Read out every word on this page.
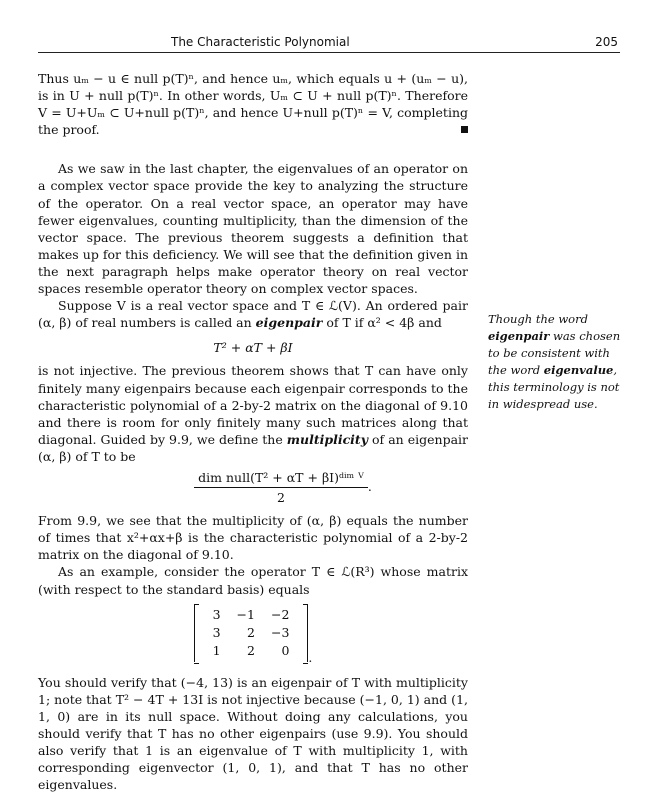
The Characteristic Polynomial	205

Thus uₘ − u ∈ null p(T)ⁿ, and hence uₘ, which equals u + (uₘ − u), is in U + null p(T)ⁿ. In other words, Uₘ ⊂ U + null p(T)ⁿ. Therefore V = U+Uₘ ⊂ U+null p(T)ⁿ, and hence U+null p(T)ⁿ = V, completing the proof.

As we saw in the last chapter, the eigenvalues of an operator on a complex vector space provide the key to analyzing the structure of the operator. On a real vector space, an operator may have fewer eigenvalues, counting multiplicity, than the dimension of the vector space. The previous theorem suggests a definition that makes up for this deficiency. We will see that the definition given in the next paragraph helps make operator theory on real vector spaces resemble operator theory on complex vector spaces.

Suppose V is a real vector space and T ∈ ℒ(V). An ordered pair (α, β) of real numbers is called an eigenpair of T if α² < 4β and

T² + αT + βI

is not injective. The previous theorem shows that T can have only finitely many eigenpairs because each eigenpair corresponds to the characteristic polynomial of a 2-by-2 matrix on the diagonal of 9.10 and there is room for only finitely many such matrices along that diagonal. Guided by 9.9, we define the multiplicity of an eigenpair (α, β) of T to be

$\frac{\text{dim null(T² + αT + βI)ᵈⁱᵐ ⱽ}}{2}$ .

From 9.9, we see that the multiplicity of (α, β) equals the number of times that x²+αx+β is the characteristic polynomial of a 2-by-2 matrix on the diagonal of 9.10.

As an example, consider the operator T ∈ ℒ(R³) whose matrix (with respect to the standard basis) equals

3	−1	−2
3	2	−3
1	2	0 .

You should verify that (−4, 13) is an eigenpair of T with multiplicity 1; note that T² − 4T + 13I is not injective because (−1, 0, 1) and (1, 1, 0) are in its null space. Without doing any calculations, you should verify that T has no other eigenpairs (use 9.9). You should also verify that 1 is an eigenvalue of T with multiplicity 1, with corresponding eigenvector (1, 0, 1), and that T has no other eigenvalues.

Though the word eigenpair was chosen to be consistent with the word eigenvalue, this terminology is not in widespread use.
